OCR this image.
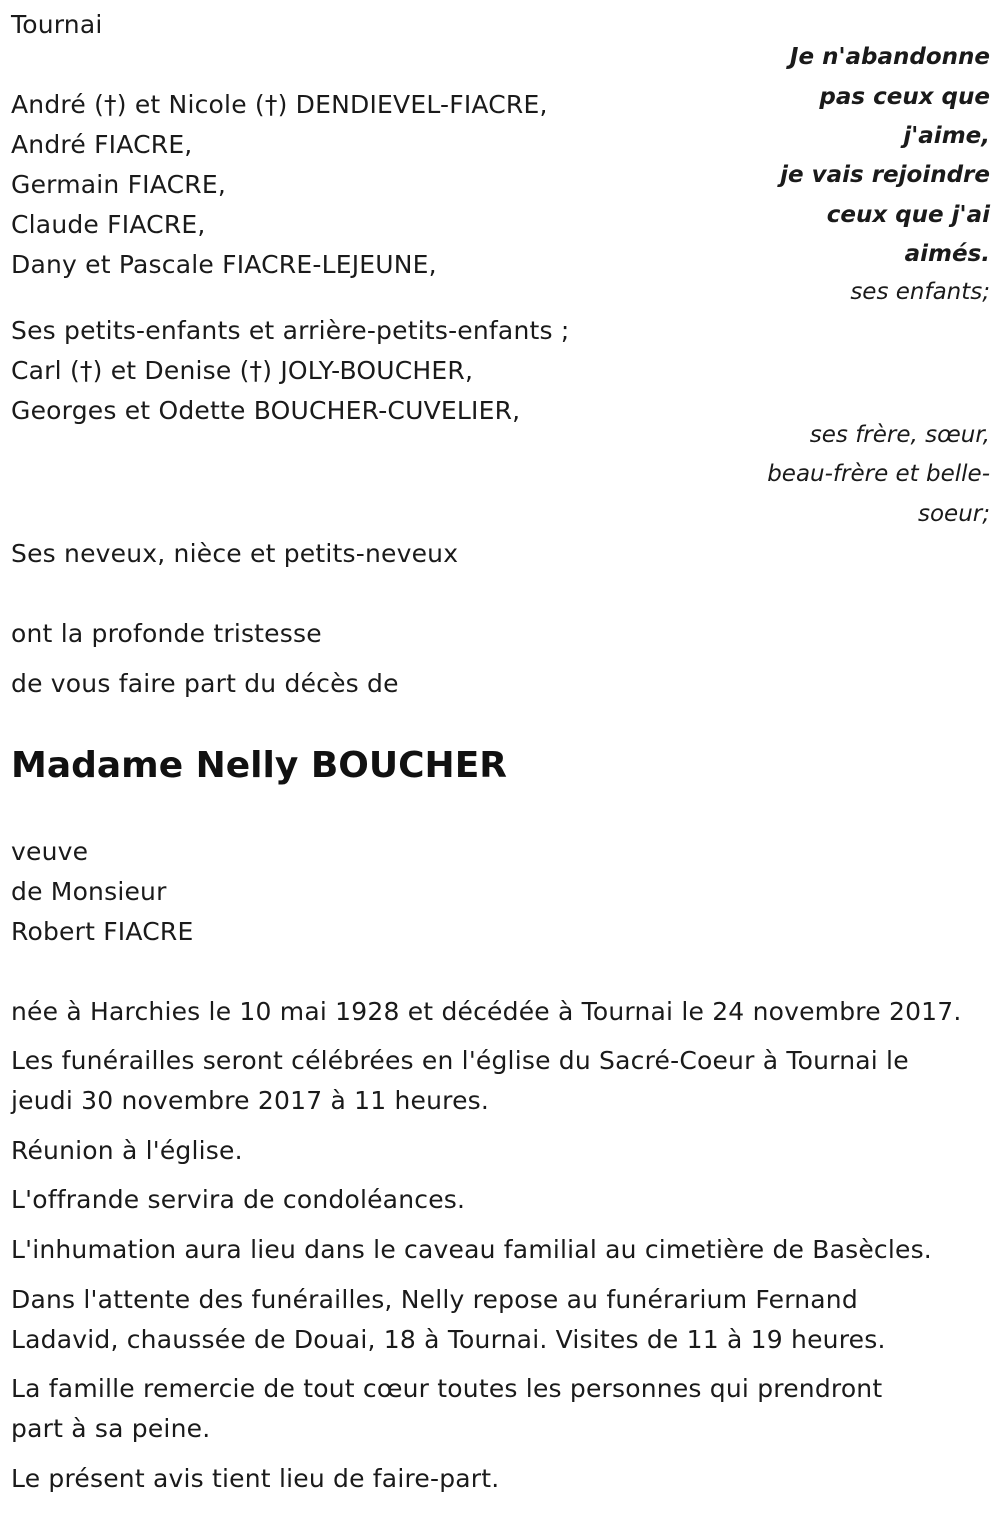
Tournai
André (†) et Nicole (†) DENDIEVEL-FIACRE,
André FIACRE,
Germain FIACRE,
Claude FIACRE,
Dany et Pascale FIACRE-LEJEUNE,
Je n'abandonne
pas ceux que
j'aime,
je vais rejoindre
ceux que j'ai
aimés.
ses enfants;
Ses petits-enfants et arrière-petits-enfants ;
Carl (†) et Denise (†) JOLY-BOUCHER,
Georges et Odette BOUCHER-CUVELIER,
ses frère, sœur,
beau-frère et belle-
soeur;
Ses neveux, nièce et petits-neveux
ont la profonde tristesse
de vous faire part du décès de
Madame Nelly BOUCHER
veuve
de Monsieur
Robert FIACRE
née à Harchies le 10 mai 1928 et décédée à Tournai le 24 novembre 2017.
Les funérailles seront célébrées en l'église du Sacré-Coeur à Tournai le
jeudi 30 novembre 2017 à 11 heures.
Réunion à l'église.
L'offrande servira de condoléances.
L'inhumation aura lieu dans le caveau familial au cimetière de Basècles.
Dans l'attente des funérailles, Nelly repose au funérarium Fernand
Ladavid, chaussée de Douai, 18 à Tournai. Visites de 11 à 19 heures.
La famille remercie de tout cœur toutes les personnes qui prendront
part à sa peine.
Le présent avis tient lieu de faire-part.
